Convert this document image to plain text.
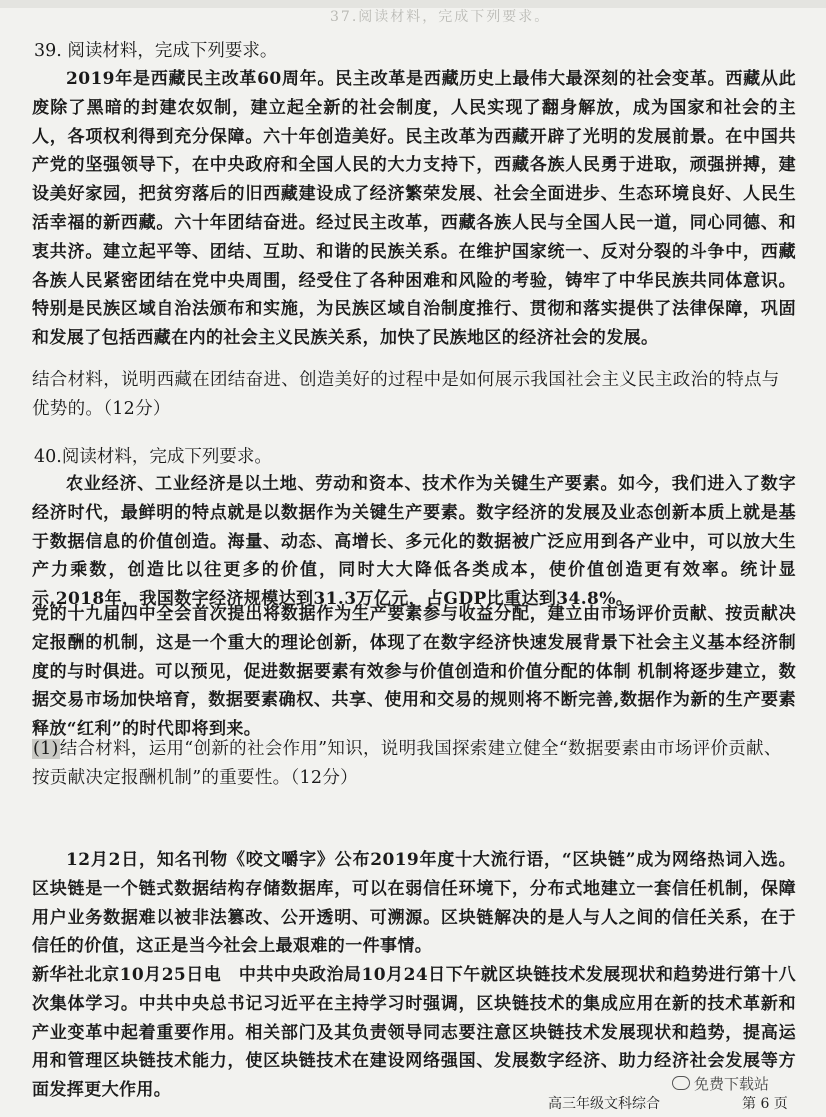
37.阅读材料，完成下列要求。
39. 阅读材料，完成下列要求。
2019年是西藏民主改革60周年。民主改革是西藏历史上最伟大最深刻的社会变革。西藏从此废除了黑暗的封建农奴制，建立起全新的社会制度，人民实现了翻身解放，成为国家和社会的主人，各项权利得到充分保障。六十年创造美好。民主改革为西藏开辟了光明的发展前景。在中国共产党的坚强领导下，在中央政府和全国人民的大力支持下，西藏各族人民勇于进取，顽强拼搏，建设美好家园，把贫穷落后的旧西藏建设成了经济繁荣发展、社会全面进步、生态环境良好、人民生活幸福的新西藏。六十年团结奋进。经过民主改革，西藏各族人民与全国人民一道，同心同德、和衷共济。建立起平等、团结、互助、和谐的民族关系。在维护国家统一、反对分裂的斗争中，西藏各族人民紧密团结在党中央周围，经受住了各种困难和风险的考验，铸牢了中华民族共同体意识。特别是民族区域自治法颁布和实施，为民族区域自治制度推行、贯彻和落实提供了法律保障，巩固和发展了包括西藏在内的社会主义民族关系，加快了民族地区的经济社会的发展。
结合材料，说明西藏在团结奋进、创造美好的过程中是如何展示我国社会主义民主政治的特点与优势的。（12分）
40.阅读材料，完成下列要求。
农业经济、工业经济是以土地、劳动和资本、技术作为关键生产要素。如今，我们进入了数字经济时代，最鲜明的特点就是以数据作为关键生产要素。数字经济的发展及业态创新本质上就是基于数据信息的价值创造。海量、动态、高增长、多元化的数据被广泛应用到各产业中，可以放大生产力乘数，创造比以往更多的价值，同时大大降低各类成本，使价值创造更有效率。统计显示,2018年，我国数字经济规模达到31.3万亿元，占GDP比重达到34.8%。
党的十九届四中全会首次提出将数据作为生产要素参与收益分配，建立由市场评价贡献、按贡献决定报酬的机制，这是一个重大的理论创新，体现了在数字经济快速发展背景下社会主义基本经济制度的与时俱进。可以预见，促进数据要素有效参与价值创造和价值分配的体制 机制将逐步建立，数据交易市场加快培育，数据要素确权、共享、使用和交易的规则将不断完善,数据作为新的生产要素释放“红利”的时代即将到来。
(1)结合材料，运用“创新的社会作用”知识，说明我国探索建立健全“数据要素由市场评价贡献、按贡献决定报酬机制”的重要性。（12分）
12月2日，知名刊物《咬文嚼字》公布2019年度十大流行语，“区块链”成为网络热词入选。区块链是一个链式数据结构存储数据库，可以在弱信任环境下，分布式地建立一套信任机制，保障用户业务数据难以被非法篡改、公开透明、可溯源。区块链解决的是人与人之间的信任关系，在于信任的价值，这正是当今社会上最艰难的一件事情。
新华社北京10月25日电　中共中央政治局10月24日下午就区块链技术发展现状和趋势进行第十八次集体学习。中共中央总书记习近平在主持学习时强调，区块链技术的集成应用在新的技术革新和产业变革中起着重要作用。相关部门及其负责领导同志要注意区块链技术发展现状和趋势，提高运用和管理区块链技术能力，使区块链技术在建设网络强国、发展数字经济、助力经济社会发展等方面发挥更大作用。	免费下载站
高三年级文科综合	第 6 页
